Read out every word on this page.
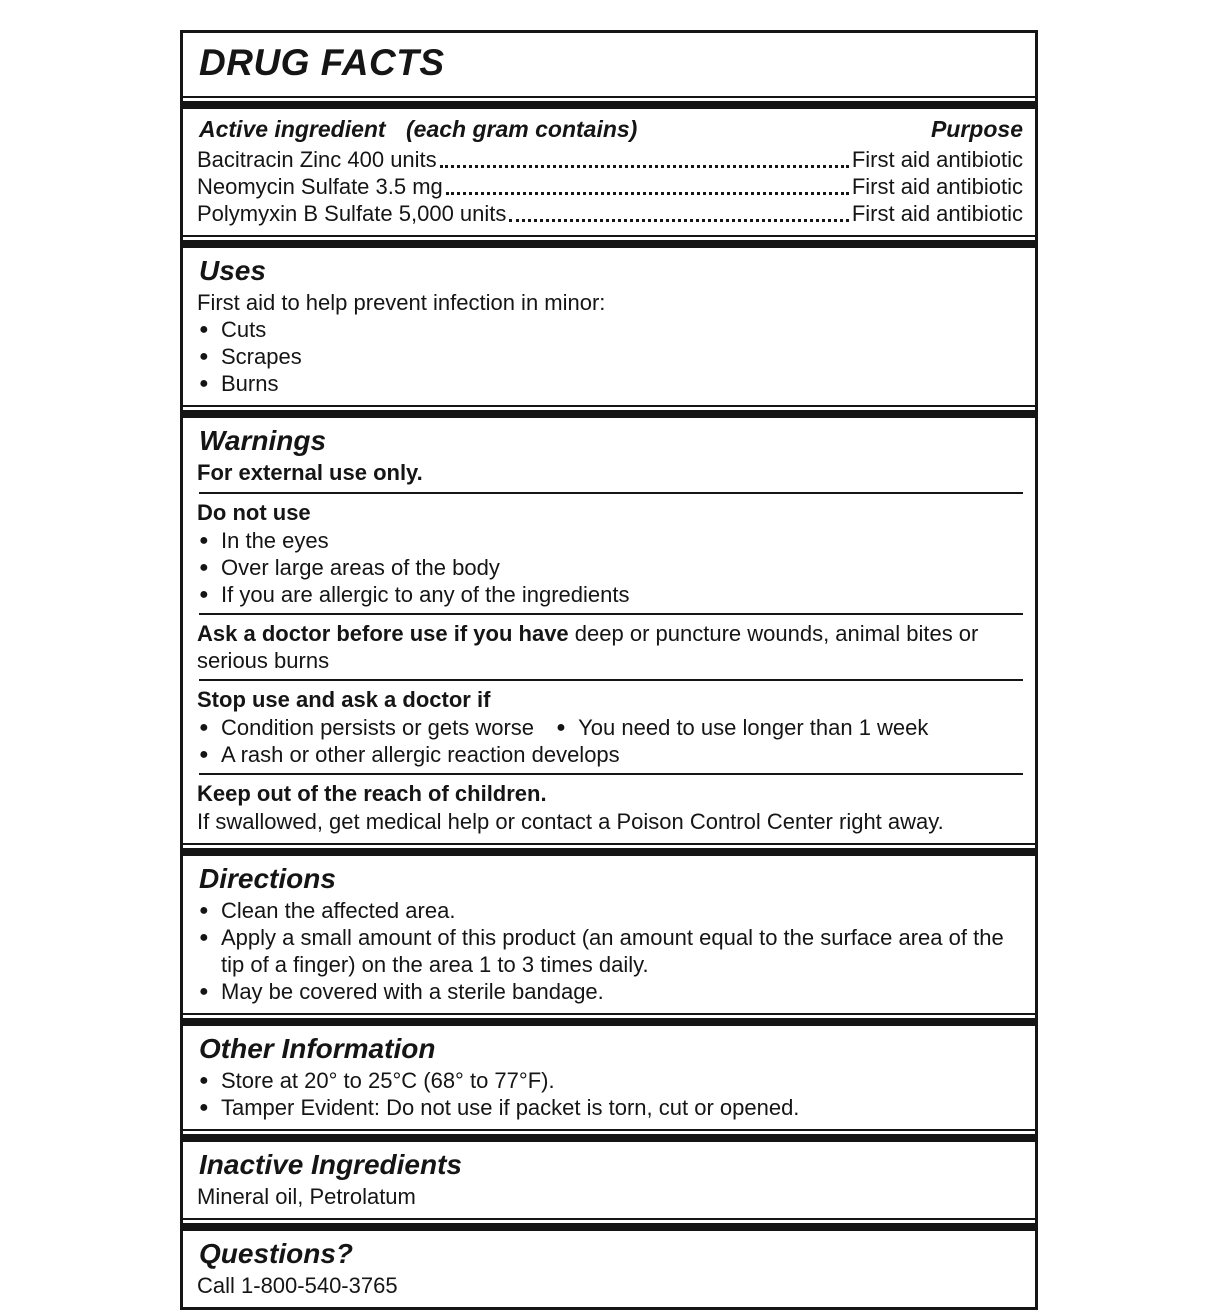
DRUG FACTS
Active ingredient (each gram contains)	Purpose
Bacitracin Zinc 400 units	First aid antibiotic
Neomycin Sulfate 3.5 mg	First aid antibiotic
Polymyxin B Sulfate 5,000 units	First aid antibiotic
Uses
First aid to help prevent infection in minor:
● Cuts
● Scrapes
● Burns
Warnings
For external use only.
Do not use
● In the eyes
● Over large areas of the body
● If you are allergic to any of the ingredients
Ask a doctor before use if you have deep or puncture wounds, animal bites or serious burns
Stop use and ask a doctor if
● Condition persists or gets worse ● You need to use longer than 1 week
● A rash or other allergic reaction develops
Keep out of the reach of children.
If swallowed, get medical help or contact a Poison Control Center right away.
Directions
● Clean the affected area.
● Apply a small amount of this product (an amount equal to the surface area of the tip of a finger) on the area 1 to 3 times daily.
● May be covered with a sterile bandage.
Other Information
● Store at 20° to 25°C (68° to 77°F).
● Tamper Evident: Do not use if packet is torn, cut or opened.
Inactive Ingredients
Mineral oil, Petrolatum
Questions?
Call 1-800-540-3765
